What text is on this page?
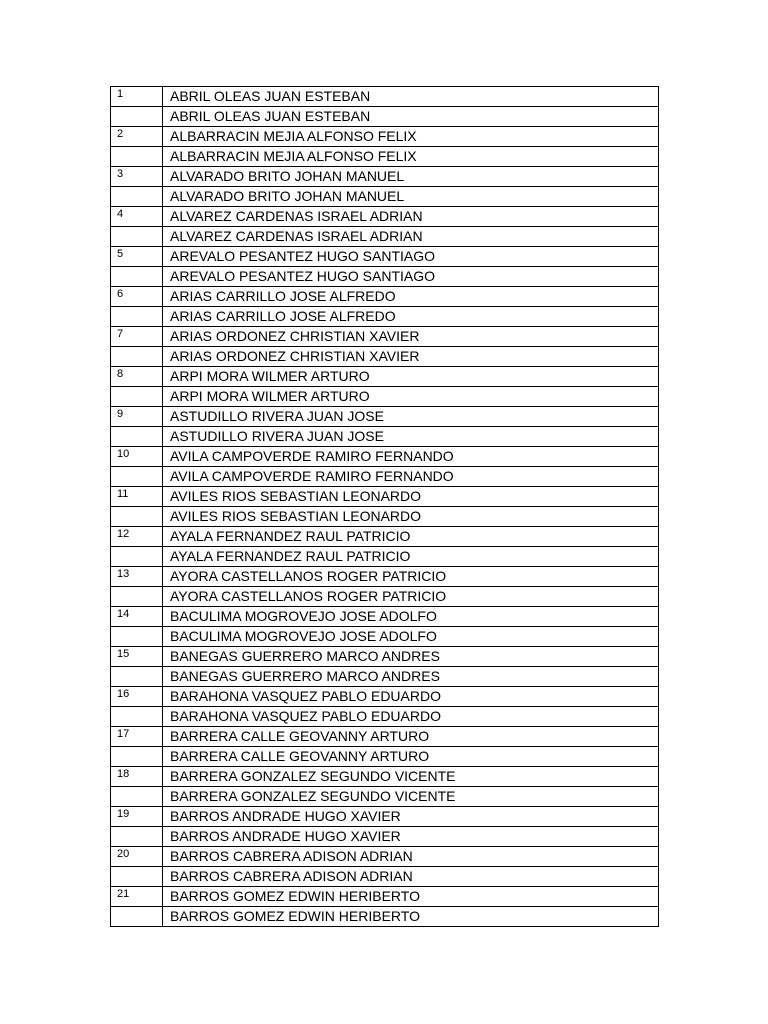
1	ABRIL OLEAS JUAN ESTEBAN
	ABRIL OLEAS JUAN ESTEBAN
2	ALBARRACIN MEJIA ALFONSO FELIX
	ALBARRACIN MEJIA ALFONSO FELIX
3	ALVARADO BRITO JOHAN MANUEL
	ALVARADO BRITO JOHAN MANUEL
4	ALVAREZ CARDENAS ISRAEL ADRIAN
	ALVAREZ CARDENAS ISRAEL ADRIAN
5	AREVALO PESANTEZ HUGO SANTIAGO
	AREVALO PESANTEZ HUGO SANTIAGO
6	ARIAS CARRILLO JOSE ALFREDO
	ARIAS CARRILLO JOSE ALFREDO
7	ARIAS ORDONEZ CHRISTIAN XAVIER
	ARIAS ORDONEZ CHRISTIAN XAVIER
8	ARPI MORA WILMER ARTURO
	ARPI MORA WILMER ARTURO
9	ASTUDILLO RIVERA JUAN JOSE
	ASTUDILLO RIVERA JUAN JOSE
10	AVILA CAMPOVERDE RAMIRO FERNANDO
	AVILA CAMPOVERDE RAMIRO FERNANDO
11	AVILES RIOS SEBASTIAN LEONARDO
	AVILES RIOS SEBASTIAN LEONARDO
12	AYALA FERNANDEZ RAUL PATRICIO
	AYALA FERNANDEZ RAUL PATRICIO
13	AYORA CASTELLANOS ROGER PATRICIO
	AYORA CASTELLANOS ROGER PATRICIO
14	BACULIMA MOGROVEJO JOSE ADOLFO
	BACULIMA MOGROVEJO JOSE ADOLFO
15	BANEGAS GUERRERO MARCO ANDRES
	BANEGAS GUERRERO MARCO ANDRES
16	BARAHONA VASQUEZ PABLO EDUARDO
	BARAHONA VASQUEZ PABLO EDUARDO
17	BARRERA CALLE GEOVANNY ARTURO
	BARRERA CALLE GEOVANNY ARTURO
18	BARRERA GONZALEZ SEGUNDO VICENTE
	BARRERA GONZALEZ SEGUNDO VICENTE
19	BARROS ANDRADE HUGO XAVIER
	BARROS ANDRADE HUGO XAVIER
20	BARROS CABRERA ADISON ADRIAN
	BARROS CABRERA ADISON ADRIAN
21	BARROS GOMEZ EDWIN HERIBERTO
	BARROS GOMEZ EDWIN HERIBERTO
